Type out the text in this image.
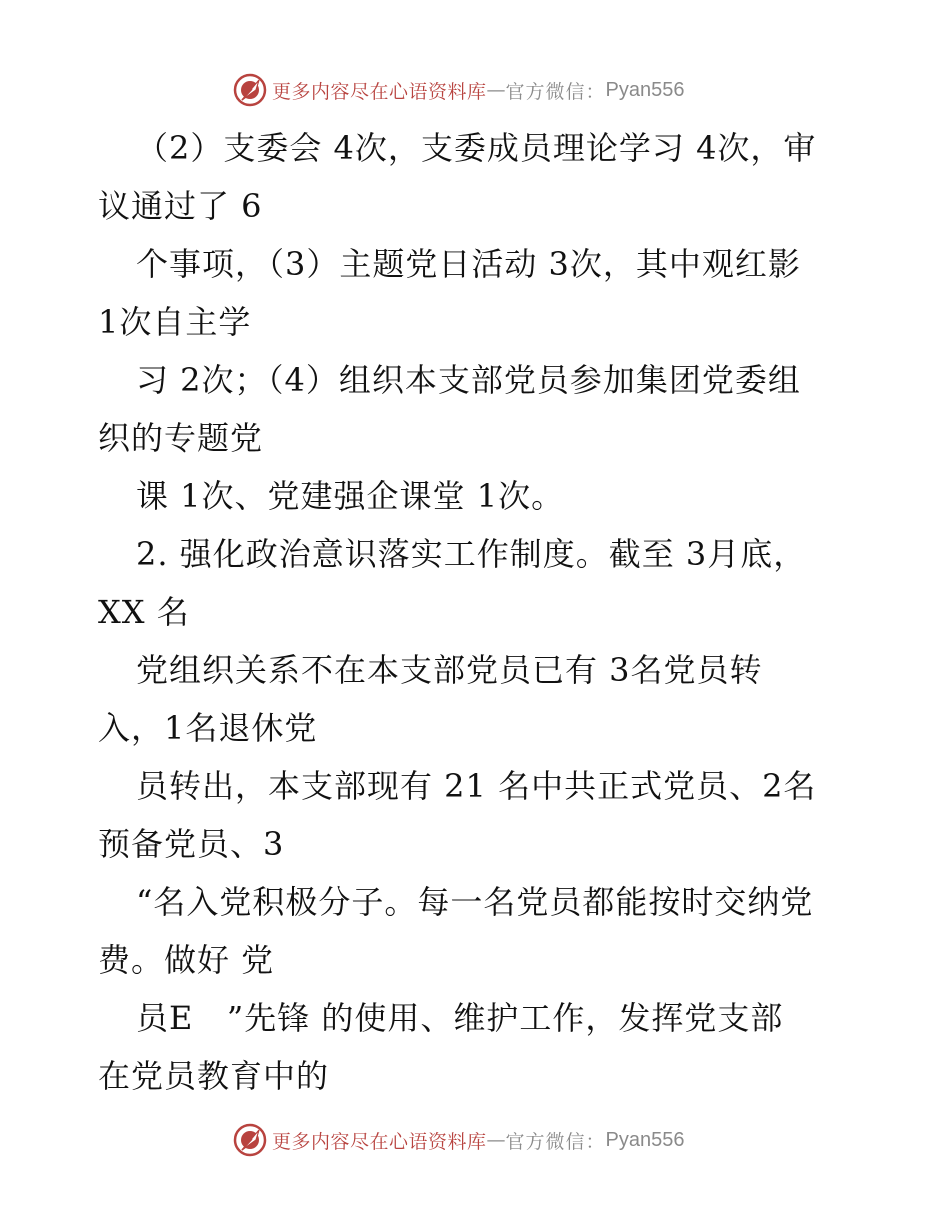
更多内容尽在心语资料库 — 官方微信： Pyan556
（2）支委会 4次，支委成员理论学习 4次，审
议通过了 6
个事项，（3）主题党日活动 3次，其中观红影
1次自主学
习 2次；（4）组织本支部党员参加集团党委组
织的专题党
课 1次、党建强企课堂 1次。
2. 强化政治意识落实工作制度。截至 3月底，
XX 名
党组织关系不在本支部党员已有 3名党员转
入，1名退休党
员转出，本支部现有 21 名中共正式党员、2名
预备党员、3
“名入党积极分子。每一名党员都能按时交纳党
费。做好 党
员E   ”先锋 的使用、维护工作，发挥党支部
在党员教育中的
更多内容尽在心语资料库 — 官方微信： Pyan556
